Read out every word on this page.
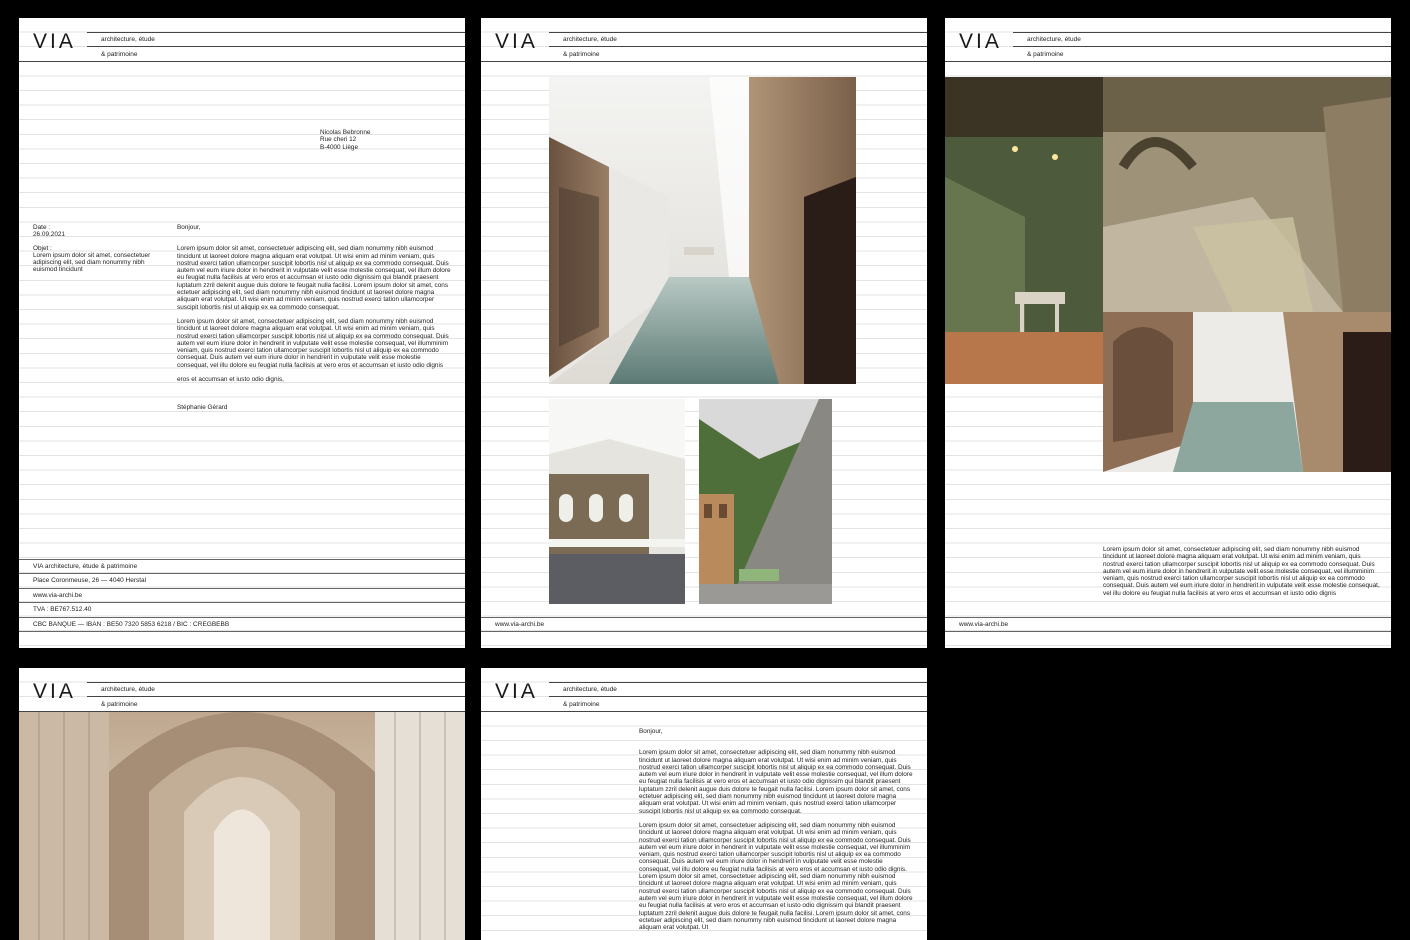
VIA	architecture, étude
& patrimoine
Nicolas Bebronne
Rue cheri 12
B-4000 Liège
Date :
26.09.2021
Objet :
Lorem ipsum dolor sit amet, consectetuer adipiscing elit, sed diam nonummy nibh euismod tincidunt

Bonjour,

Lorem ipsum dolor sit amet, consectetuer adipiscing elit, sed diam nonummy nibh euismod tincidunt ut laoreet dolore magna aliquam erat volutpat. Ut wisi enim ad minim veniam, quis nostrud exerci tation ullamcorper suscipit lobortis nisl ut aliquip ex ea commodo consequat. Duis autem vel eum iriure dolor in hendrerit in vulputate velit esse molestie consequat, vel illum dolore eu feugiat nulla facilisis at vero eros et accumsan et iusto odio dignissim qui blandit praesent luptatum zzril delenit augue duis dolore te feugait nulla facilisi. Lorem ipsum dolor sit amet, cons ectetuer adipiscing elit, sed diam nonummy nibh euismod tincidunt ut laoreet dolore magna aliquam erat volutpat. Ut wisi enim ad minim veniam, quis nostrud exerci tation ullamcorper suscipit lobortis nisl ut aliquip ex ea commodo consequat.

Lorem ipsum dolor sit amet, consectetuer adipiscing elit, sed diam nonummy nibh euismod tincidunt ut laoreet dolore magna aliquam erat volutpat. Ut wisi enim ad minim veniam, quis nostrud exerci tation ullamcorper suscipit lobortis nisl ut aliquip ex ea commodo consequat. Duis autem vel eum iriure dolor in hendrerit in vulputate velit esse molestie consequat, vel illumminim veniam, quis nostrud exerci tation ullamcorper suscipit lobortis nisl ut aliquip ex ea commodo consequat. Duis autem vel eum iriure dolor in hendrerit in vulputate velit esse molestie consequat, vel illu dolore eu feugiat nulla facilisis at vero eros et accumsan et iusto odio dignis

eros et accumsan et iusto odio dignis,

Stéphanie Gérard

VIA architecture, étude & patrimoine
Place Coronmeuse, 26 — 4040 Herstal
www.via-archi.be
TVA : BE767.512.40
CBC BANQUE — IBAN : BE50 7320 5853 6218 / BIC : CREGBEBB
VIA	architecture, étude
& patrimoine
www.via-archi.be
VIA	architecture, étude
& patrimoine
Lorem ipsum dolor sit amet, consectetuer adipiscing elit, sed diam nonummy nibh euismod tincidunt ut laoreet dolore magna aliquam erat volutpat. Ut wisi enim ad minim veniam, quis nostrud exerci tation ullamcorper suscipit lobortis nisl ut aliquip ex ea commodo consequat. Duis autem vel eum iriure dolor in hendrerit in vulputate velit esse molestie consequat, vel illumminim veniam, quis nostrud exerci tation ullamcorper suscipit lobortis nisl ut aliquip ex ea commodo consequat. Duis autem vel eum iriure dolor in hendrerit in vulputate velit esse molestie consequat, vel illu dolore eu feugiat nulla facilisis at vero eros et accumsan et iusto odio dignis
www.via-archi.be
VIA	architecture, étude
& patrimoine
VIA	architecture, étude
& patrimoine

Bonjour,

Lorem ipsum dolor sit amet, consectetuer adipiscing elit, sed diam nonummy nibh euismod tincidunt ut laoreet dolore magna aliquam erat volutpat. Ut wisi enim ad minim veniam, quis nostrud exerci tation ullamcorper suscipit lobortis nisl ut aliquip ex ea commodo consequat. Duis autem vel eum iriure dolor in hendrerit in vulputate velit esse molestie consequat, vel illum dolore eu feugiat nulla facilisis at vero eros et accumsan et iusto odio dignissim qui blandit praesent luptatum zzril delenit augue duis dolore te feugait nulla facilisi. Lorem ipsum dolor sit amet, cons ectetuer adipiscing elit, sed diam nonummy nibh euismod tincidunt ut laoreet dolore magna aliquam erat volutpat. Ut wisi enim ad minim veniam, quis nostrud exerci tation ullamcorper suscipit lobortis nisl ut aliquip ex ea commodo consequat.

Lorem ipsum dolor sit amet, consectetuer adipiscing elit, sed diam nonummy nibh euismod tincidunt ut laoreet dolore magna aliquam erat volutpat. Ut wisi enim ad minim veniam, quis nostrud exerci tation ullamcorper suscipit lobortis nisl ut aliquip ex ea commodo consequat. Duis autem vel eum iriure dolor in hendrerit in vulputate velit esse molestie consequat, vel illumminim veniam, quis nostrud exerci tation ullamcorper suscipit lobortis nisl ut aliquip ex ea commodo consequat. Duis autem vel eum iriure dolor in hendrerit in vulputate velit esse molestie consequat, vel illu dolore eu feugiat nulla facilisis at vero eros et accumsan et iusto odio dignis. Lorem ipsum dolor sit amet, consectetuer adipiscing elit, sed diam nonummy nibh euismod tincidunt ut laoreet dolore magna aliquam erat volutpat. Ut wisi enim ad minim veniam, quis nostrud exerci tation ullamcorper suscipit lobortis nisl ut aliquip ex ea commodo consequat. Duis autem vel eum iriure dolor in hendrerit in vulputate velit esse molestie consequat, vel illum dolore eu feugiat nulla facilisis at vero eros et accumsan et iusto odio dignissim qui blandit praesent luptatum zzril delenit augue duis dolore te feugait nulla facilisi. Lorem ipsum dolor sit amet, cons ectetuer adipiscing elit, sed diam nonummy nibh euismod tincidunt ut laoreet dolore magna aliquam erat volutpat. Ut
